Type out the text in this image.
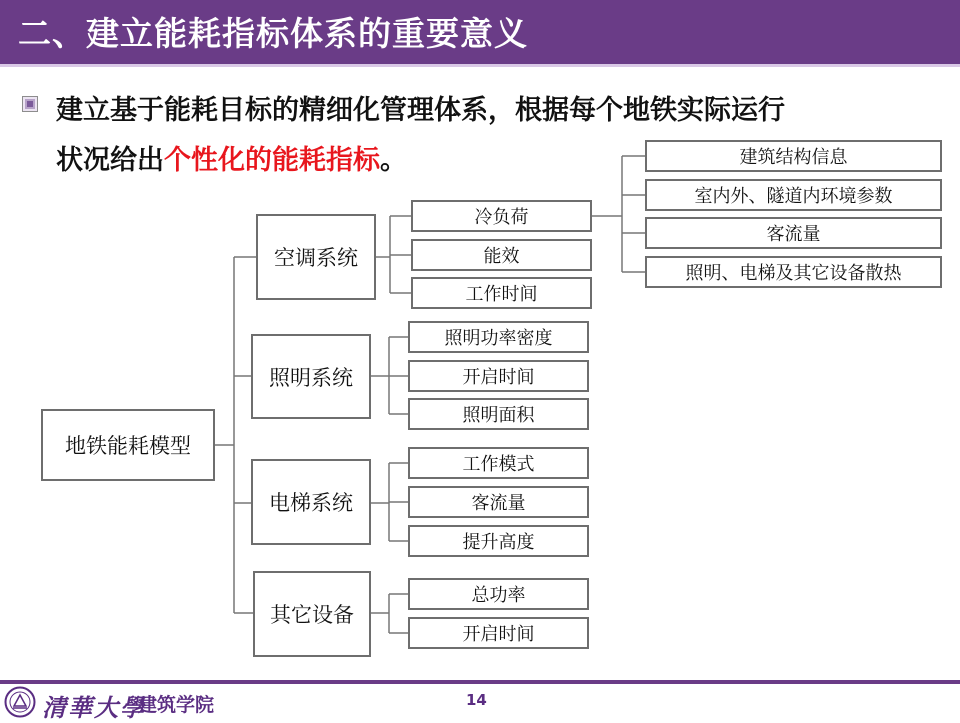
二、建立能耗指标体系的重要意义
建立基于能耗目标的精细化管理体系，根据每个地铁实际运行
状况给出个性化的能耗指标。
地铁能耗模型
空调系统
照明系统
电梯系统
其它设备
冷负荷
能效
工作时间
照明功率密度
开启时间
照明面积
工作模式
客流量
提升高度
总功率
开启时间
建筑结构信息
室内外、隧道内环境参数
客流量
照明、电梯及其它设备散热
清華大學
建筑学院	14
